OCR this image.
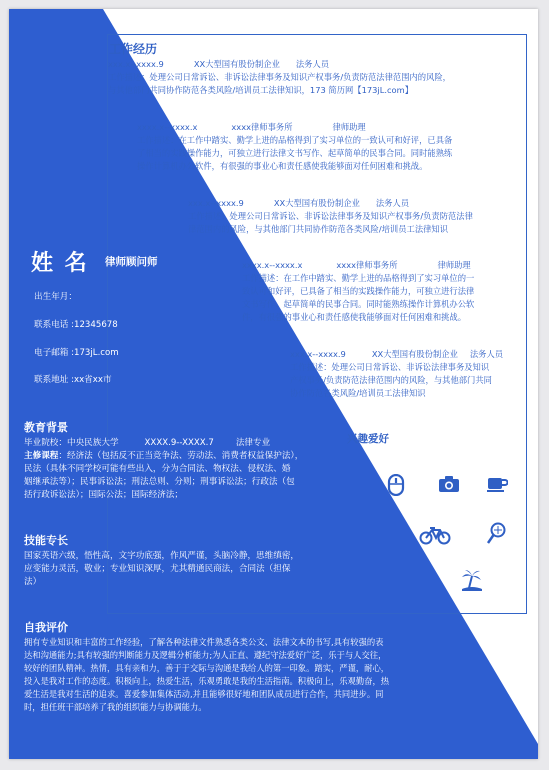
工作经历
xxx.x--xxxx.9	XX大型国有股份制企业 法务人员
工作描述：处理公司日常诉讼、非诉讼法律事务及知识产权事务/负责防范法律范围内的风险，
与其他部门共同协作防范各类风险/培训员工法律知识，173 简历网【173jL.com】
xxxx.x--xxxx.x	xxxx律师事务所	律师助理
工作描述：在工作中踏实、勤学上进的品格得到了实习单位的一致认可和好评，已具备
了相当的实践操作能力，可独立进行法律文书写作、起草简单的民事合同。同时能熟练
操作计算机办公软件，有很强的事业心和责任感使我能够面对任何困难和挑战。
xxx.x--xxxx.9	XX大型国有股份制企业 法务人员
工作描述：处理公司日常诉讼、非诉讼法律事务及知识产权事务/负责防范法律
律范围内的风险，与其他部门共同协作防范各类风险/培训员工法律知识
xxxx.x--xxxx.x	xxxx律师事务所	律师助理
工作描述：在工作中踏实、勤学上进的品格得到了实习单位的一
致认可和好评，已具备了相当的实践操作能力，可独立进行法律
文书写作、起草简单的民事合同。同时能熟练操作计算机办公软
件，有很强的事业心和责任感使我能够面对任何困难和挑战。
xxx.x--xxxx.9	XX大型国有股份制企业 法务人员
工作描述：处理公司日常诉讼、非诉讼法律事务及知识
产权事务/负责防范法律范围内的风险，与其他部门共同
协作防范各类风险/培训员工法律知识
姓 名 律师顾问师
出生年月：
联系电话 :12345678
电子邮箱 :173jL.com
联系地址 :xx省xx市
教育背景
毕业院校：中央民族大学	XXXX.9--XXXX.7	法律专业
主修课程：经济法（包括反不正当竞争法、劳动法、消费者权益保护法），
民法（具体不同学校可能有些出入，分为合同法、物权法、侵权法、婚
姻继承法等）；民事诉讼法；刑法总则、分则；刑事诉讼法；行政法（包
括行政诉讼法）；国际公法；国际经济法；
技能专长
国家英语六级，悟性高，文字功底强，作风严谨，头脑冷静，思维缜密，
应变能力灵活，敬业；专业知识深厚，尤其精通民商法，合同法（担保
法）
自我评价
拥有专业知识和丰富的工作经验，了解各种法律文件熟悉各类公文、法律文本的书写,具有较强的表
达和沟通能力;具有较强的判断能力及逻辑分析能力;为人正直、遵纪守法爱好广泛，乐于与人交往，
较好的团队精神。热情，具有亲和力，善于于交际与沟通是我给人的第一印象。踏实，严谨，耐心，
投入是我对工作的态度。积极向上，热爱生活，乐观勇敢是我的生活指南。积极向上，乐观勤奋，热
爱生活是我对生活的追求。喜爱参加集体活动,并且能够很好地和团队成员进行合作，共同进步。同
时，担任班干部培养了我的组织能力与协调能力。
兴趣爱好
